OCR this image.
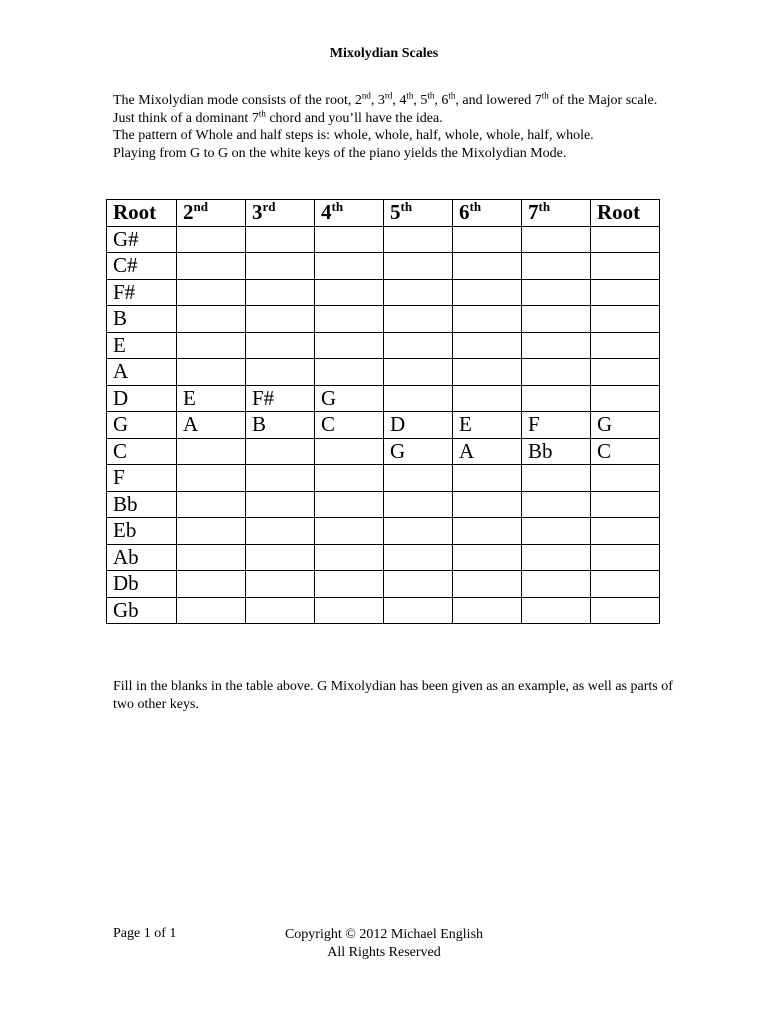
Mixolydian Scales

The Mixolydian mode consists of the root, 2nd, 3rd, 4th, 5th, 6th, and lowered 7th of the Major scale. Just think of a dominant 7th chord and you’ll have the idea.

The pattern of Whole and half steps is: whole, whole, half, whole, whole, half, whole.

Playing from G to G on the white keys of the piano yields the Mixolydian Mode.

Root	2nd	3rd	4th	5th	6th	7th	Root
G#							
C#							
F#							
B							
E							
A							
D	E	F#	G				
G	A	B	C	D	E	F	G
C				G	A	Bb	C
F							
Bb							
Eb							
Ab							
Db							
Gb							
Fill in the blanks in the table above. G Mixolydian has been given as an example, as well as parts of two other keys.
Page 1 of 1	Copyright © 2012 Michael English
All Rights Reserved
